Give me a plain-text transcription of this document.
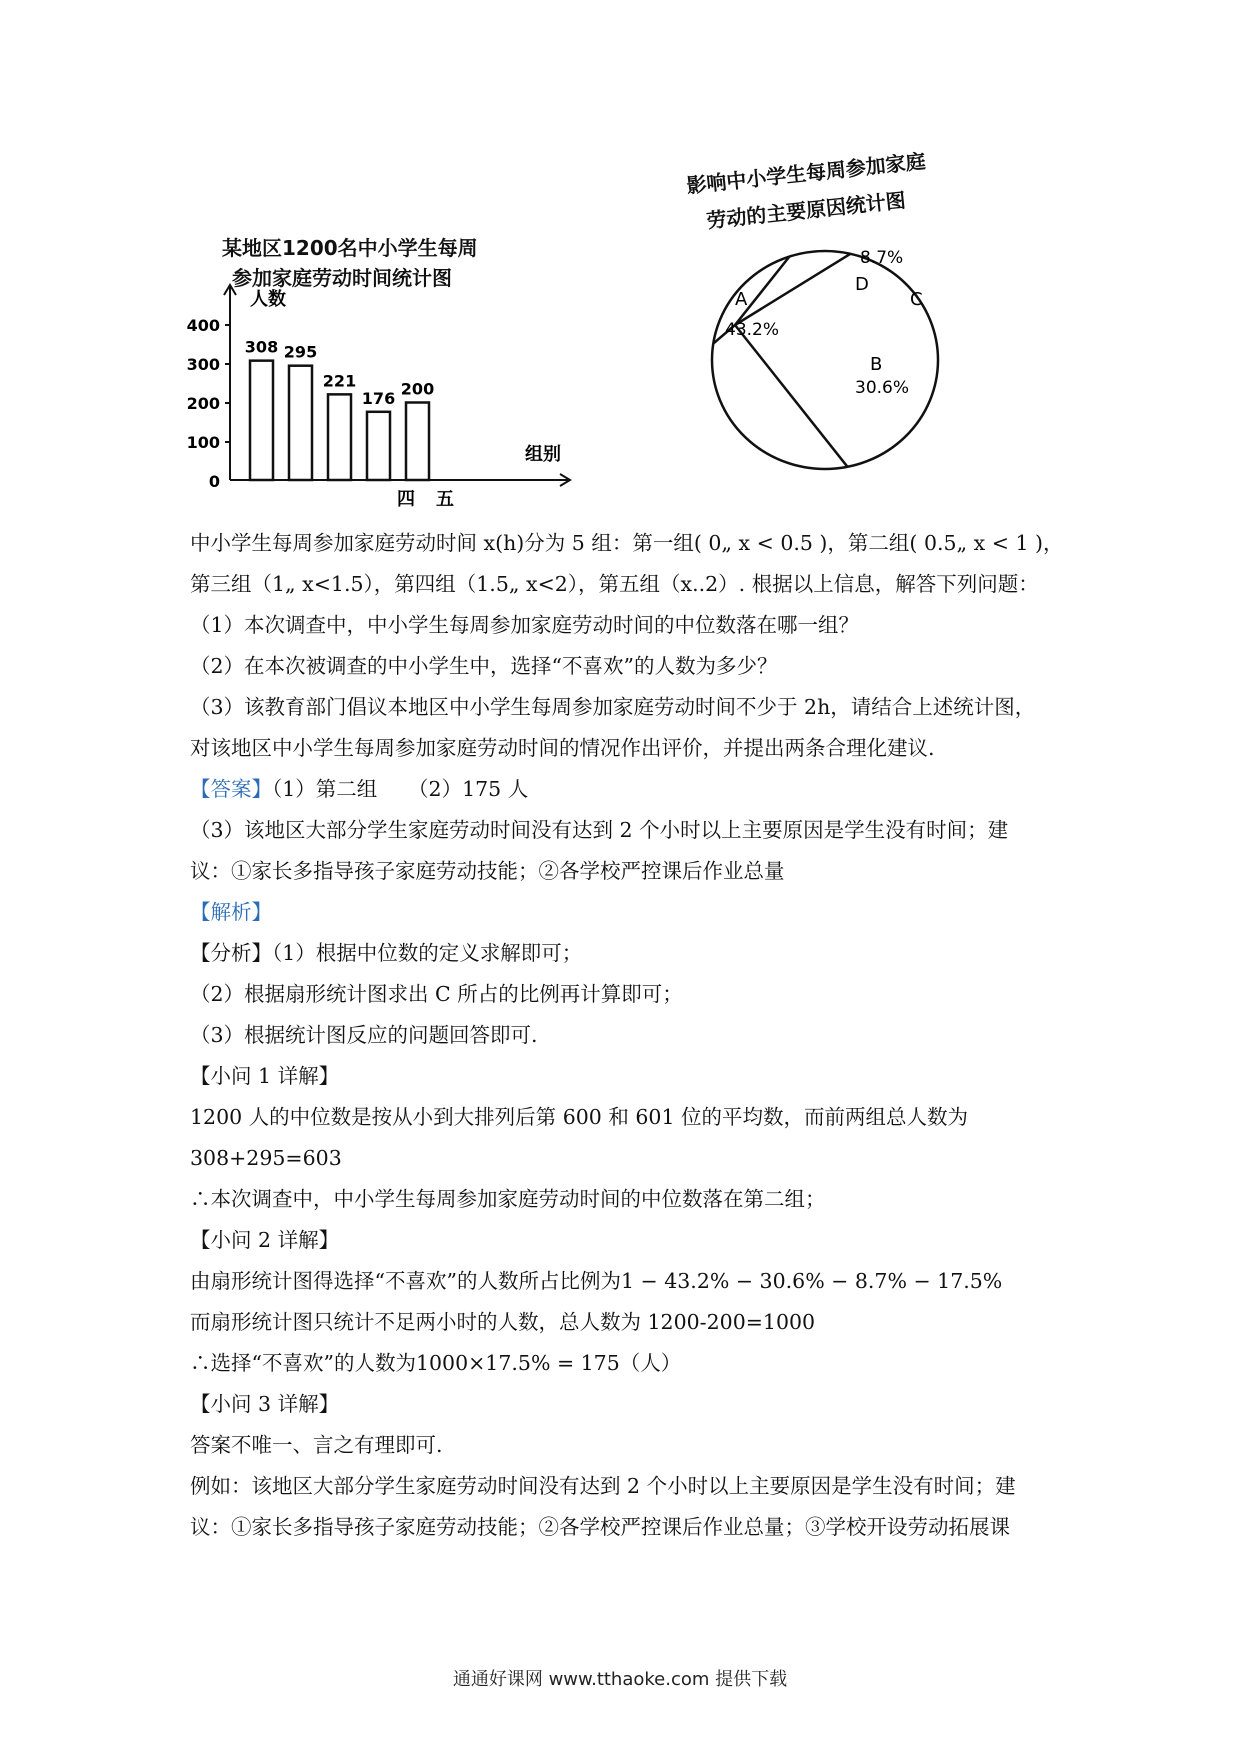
某地区1200名中小学生每周
参加家庭劳动时间统计图
人数
组别
400
300
200
100
0
308 295
221
176 200
四 五
影响中小学生每周参加家庭
劳动的主要原因统计图
A
43.2%
B
30.6%
C
D
8.7%
中小学生每周参加家庭劳动时间 x(h)分为 5 组：第一组( 0„ x < 0.5 )，第二组( 0.5„ x < 1 )，
第三组（1„ x<1.5），第四组（1.5„ x<2），第五组（x..2）. 根据以上信息，解答下列问题：
（1）本次调查中，中小学生每周参加家庭劳动时间的中位数落在哪一组？
（2）在本次被调查的中小学生中，选择“不喜欢”的人数为多少？
（3）该教育部门倡议本地区中小学生每周参加家庭劳动时间不少于 2h，请结合上述统计图，
对该地区中小学生每周参加家庭劳动时间的情况作出评价，并提出两条合理化建议.
【答案】（1）第二组　　（2）175 人
（3）该地区大部分学生家庭劳动时间没有达到 2 个小时以上主要原因是学生没有时间；建
议：①家长多指导孩子家庭劳动技能；②各学校严控课后作业总量
【解析】
【分析】（1）根据中位数的定义求解即可；
（2）根据扇形统计图求出 C 所占的比例再计算即可；
（3）根据统计图反应的问题回答即可.
【小问 1 详解】
1200 人的中位数是按从小到大排列后第 600 和 601 位的平均数，而前两组总人数为
308+295=603
∴本次调查中，中小学生每周参加家庭劳动时间的中位数落在第二组；
【小问 2 详解】
由扇形统计图得选择“不喜欢”的人数所占比例为1 − 43.2% − 30.6% − 8.7% − 17.5%
而扇形统计图只统计不足两小时的人数，总人数为 1200-200=1000
∴选择“不喜欢”的人数为1000×17.5% = 175（人）
【小问 3 详解】
答案不唯一、言之有理即可.
例如：该地区大部分学生家庭劳动时间没有达到 2 个小时以上主要原因是学生没有时间；建
议：①家长多指导孩子家庭劳动技能；②各学校严控课后作业总量；③学校开设劳动拓展课
通通好课网 www.tthaoke.com 提供下载
